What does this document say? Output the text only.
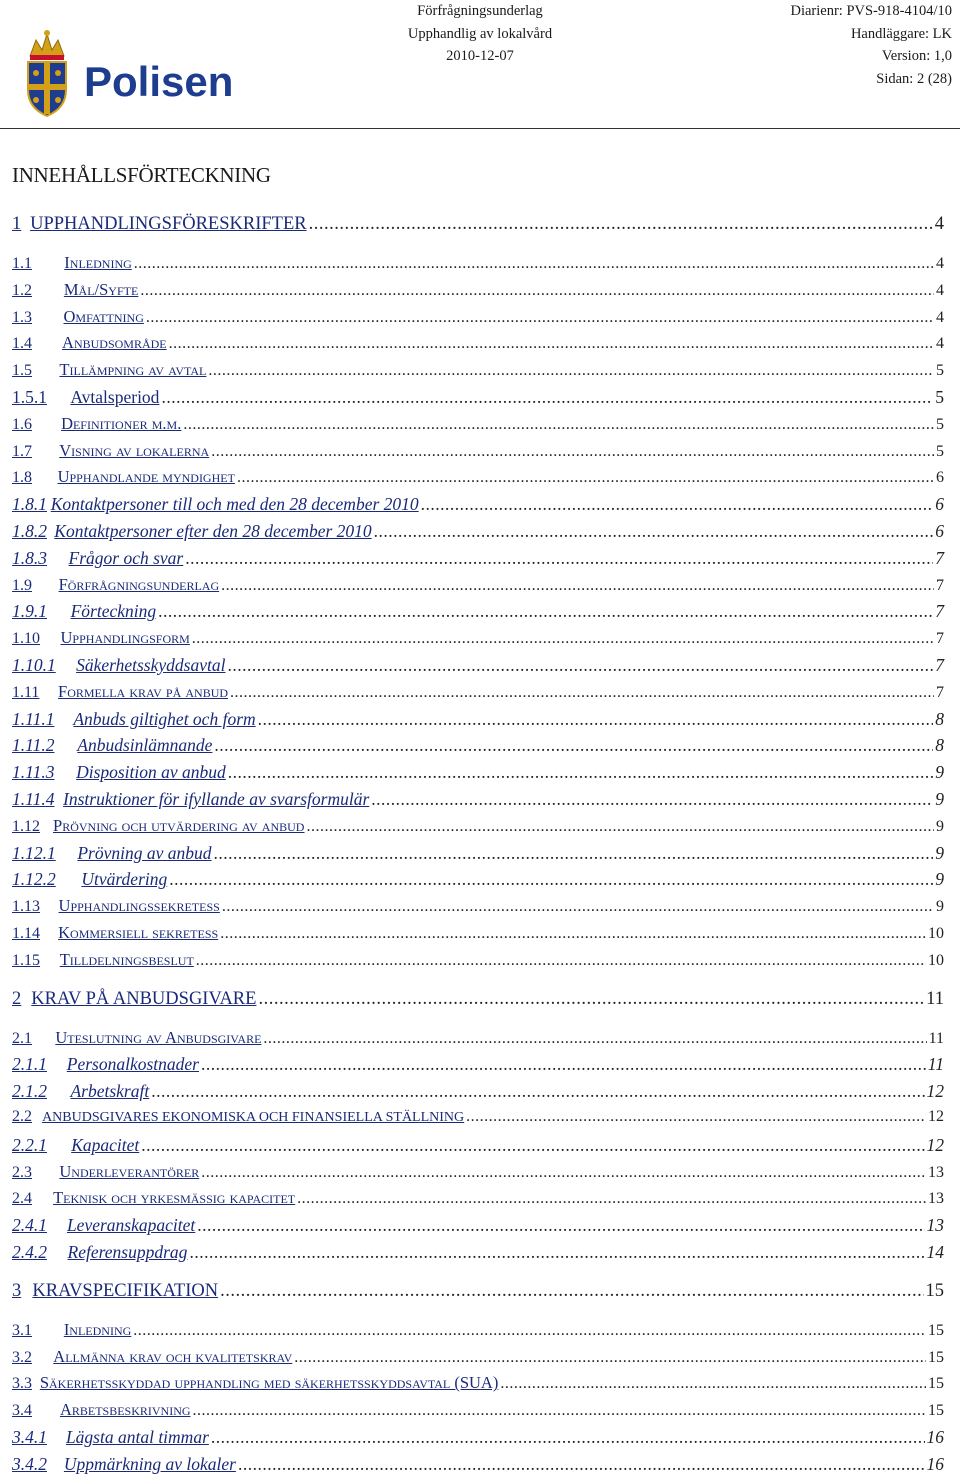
Polisen
Förfrågningsunderlag
Upphandlig av lokalvård
2010-12-07
Diarienr: PVS-918-4104/10
Handläggare: LK
Version: 1,0
Sidan: 2 (28)
INNEHÅLLSFÖRTECKNING
1 UPPHANDLINGSFÖRESKRIFTER .....	4
1.1	Inledning .....	4
1.2	Mål/Syfte .....	4
1.3	Omfattning .....	4
1.4	Anbudsområde .....	4
1.5	Tillämpning av avtal .....	5
1.5.1	Avtalsperiod .....	5
1.6	Definitioner m.m. .....	5
1.7	Visning av lokalerna .....	5
1.8	Upphandlande myndighet .....	6
1.8.1 Kontaktpersoner till och med den 28 december 2010 .....	6
1.8.2 Kontaktpersoner efter den 28 december 2010 .....	6
1.8.3	Frågor och svar .....	7
1.9	Förfrågningsunderlag .....	7
1.9.1	Förteckning .....	7
1.10	Upphandlingsform .....	7
1.10.1	Säkerhetsskyddsavtal .....	7
1.11	Formella krav på anbud .....	7
1.11.1	Anbuds giltighet och form .....	8
1.11.2	Anbudsinlämnande .....	8
1.11.3	Disposition av anbud .....	9
1.11.4 Instruktioner för ifyllande av svarsformulär .....	9
1.12 Prövning och utvärdering av anbud .....	9
1.12.1	Prövning av anbud .....	9
1.12.2	Utvärdering .....	9
1.13	Upphandlingssekretess .....	9
1.14	Kommersiell sekretess .....	10
1.15	Tilldelningsbeslut .....	10
2 KRAV PÅ ANBUDSGIVARE .....	11
2.1	Uteslutning av Anbudsgivare .....	11
2.1.1	Personalkostnader .....	11
2.1.2	Arbetskraft .....	12
2.2 ANBUDSGIVARES EKONOMISKA OCH FINANSIELLA STÄLLNING .....	12
2.2.1	Kapacitet .....	12
2.3	Underleverantörer .....	13
2.4	Teknisk och yrkesmässig kapacitet .....	13
2.4.1	Leveranskapacitet .....	13
2.4.2	Referensuppdrag .....	14
3 KRAVSPECIFIKATION .....	15
3.1	Inledning .....	15
3.2	Allmänna krav och kvalitetskrav .....	15
3.3 Säkerhetsskyddad upphandling med säkerhetsskyddsavtal (SUA) .....	15
3.4	Arbetsbeskrivning .....	15
3.4.1	Lägsta antal timmar .....	16
3.4.2 Uppmärkning av lokaler .....	16
